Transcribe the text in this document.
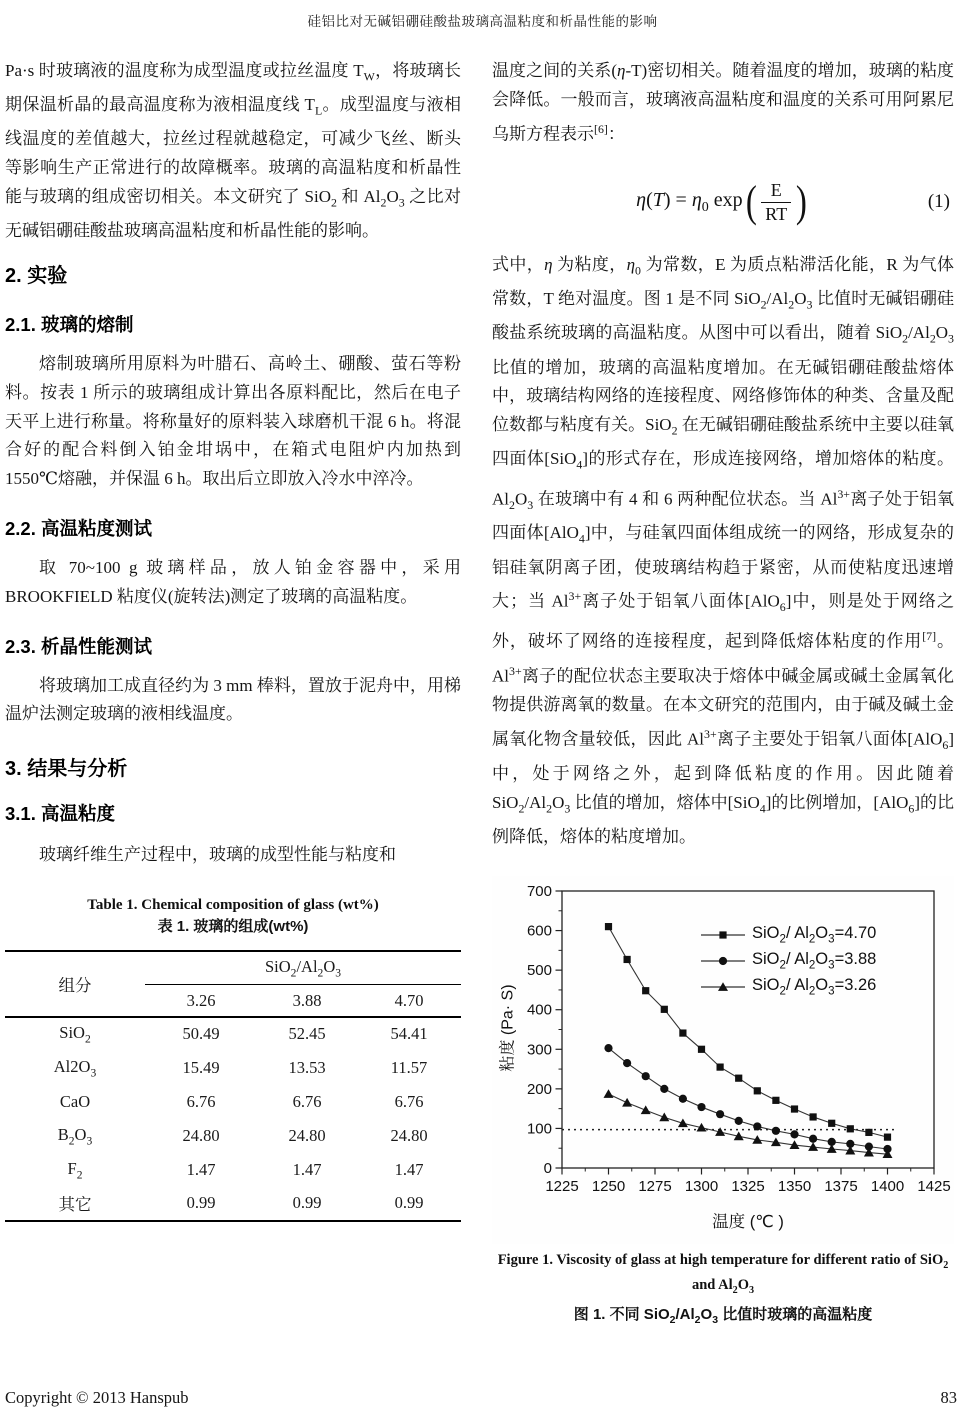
硅铝比对无碱铝硼硅酸盐玻璃高温粘度和析晶性能的影响
Pa·s 时玻璃液的温度称为成型温度或拉丝温度 $T_W$，将玻璃长期保温析晶的最高温度称为液相温度线 $T_L$。成型温度与液相线温度的差值越大，拉丝过程就越稳定，可减少飞丝、断头等影响生产正常进行的故障概率。玻璃的高温粘度和析晶性能与玻璃的组成密切相关。本文研究了 SiO$_2$ 和 $Al_2O_3$ 之比对无碱铝硼硅酸盐玻璃高温粘度和析晶性能的影响。
2. 实验
2.1. 玻璃的熔制
熔制玻璃所用原料为叶腊石、高岭土、硼酸、萤石等粉料。按表 1 所示的玻璃组成计算出各原料配比，然后在电子天平上进行称量。将称量好的原料装入球磨机干混 6 h。将混合好的配合料倒入铂金坩埚中，在箱式电阻炉内加热到 1550℃熔融，并保温 6 h。取出后立即放入冷水中淬冷。
2.2. 高温粘度测试
取 70~100 g 玻璃样品，放人铂金容器中，采用 BROOKFIELD 粘度仪(旋转法)测定了玻璃的高温粘度。
2.3. 析晶性能测试
将玻璃加工成直径约为 3 mm 棒料，置放于泥舟中，用梯温炉法测定玻璃的液相线温度。
3. 结果与分析
3.1. 高温粘度
玻璃纤维生产过程中，玻璃的成型性能与粘度和
Table 1. Chemical composition of glass (wt%)
表 1. 玻璃的组成(wt%)
组分	$SiO_2/Al_2O_3$
	3.26	3.88	4.70
SiO$_2$	50.49	52.45	54.41
$Al2O_3$	15.49	13.53	11.57
CaO	6.76	6.76	6.76
$B_2O_3$	24.80	24.80	24.80
$F_2$	1.47	1.47	1.47
其它	0.99	0.99	0.99
温度之间的关系(η-T)密切相关。随着温度的增加，玻璃的粘度会降低。一般而言，玻璃液高温粘度和温度的关系可用阿累尼乌斯方程表示[6]：
$\eta(T) = \eta_0$ exp ( $\frac{E}{RT}$ )	(1)
式中，η 为粘度，$\eta_0$ 为常数，E 为质点粘滞活化能，R 为气体常数，T 绝对温度。图 1 是不同 $SiO_2/Al_2O_3$ 比值时无碱铝硼硅酸盐系统玻璃的高温粘度。从图中可以看出，随着 $SiO_2/Al_2O_3$ 比值的增加，玻璃的高温粘度增加。在无碱铝硼硅酸盐熔体中，玻璃结构网络的连接程度、网络修饰体的种类、含量及配位数都与粘度有关。SiO$_2$ 在无碱铝硼硅酸盐系统中主要以硅氧四面体[SiO$_4$]的形式存在，形成连接网络，增加熔体的粘度。$Al_2O_3$ 在玻璃中有 4 和 6 两种配位状态。当 $Al^{3+}$离子处于铝氧四面体[AlO$_4$]中，与硅氧四面体组成统一的网络，形成复杂的铝硅氧阴离子团，使玻璃结构趋于紧密，从而使粘度迅速增大；当 $Al^{3+}$离子处于铝氧八面体[AlO$_6$]中，则是处于网络之外，破坏了网络的连接程度，起到降低熔体粘度的作用[7]。$Al^{3+}$离子的配位状态主要取决于熔体中碱金属或碱土金属氧化物提供游离氧的数量。在本文研究的范围内，由于碱及碱土金属氧化物含量较低，因此 $Al^{3+}$离子主要处于铝氧八面体[AlO$_6$]中，处于网络之外，起到降低粘度的作用。因此随着 $SiO_2/Al_2O_3$ 比值的增加，熔体中[SiO$_4$]的比例增加，[AlO$_6$]的比例降低，熔体的粘度增加。
1225 1250 1275 1300 1325 1350 1375 1400 1425
0
100
200
300
400
500
600
700
粘度 (Pa· S)
温度 (℃ )
SiO$_2$/ $Al_2O_3=4.70$
SiO$_2$/ $Al_2O_3=3.88$
SiO$_2$/ $Al_2O_3=3.26$
Figure 1. Viscosity of glass at high temperature for different ratio of SiO$_2$ and $Al_2O_3$
图 1. 不同 $SiO_2/Al_2O_3$ 比值时玻璃的高温粘度
Copyright © 2013 Hanspub	83
